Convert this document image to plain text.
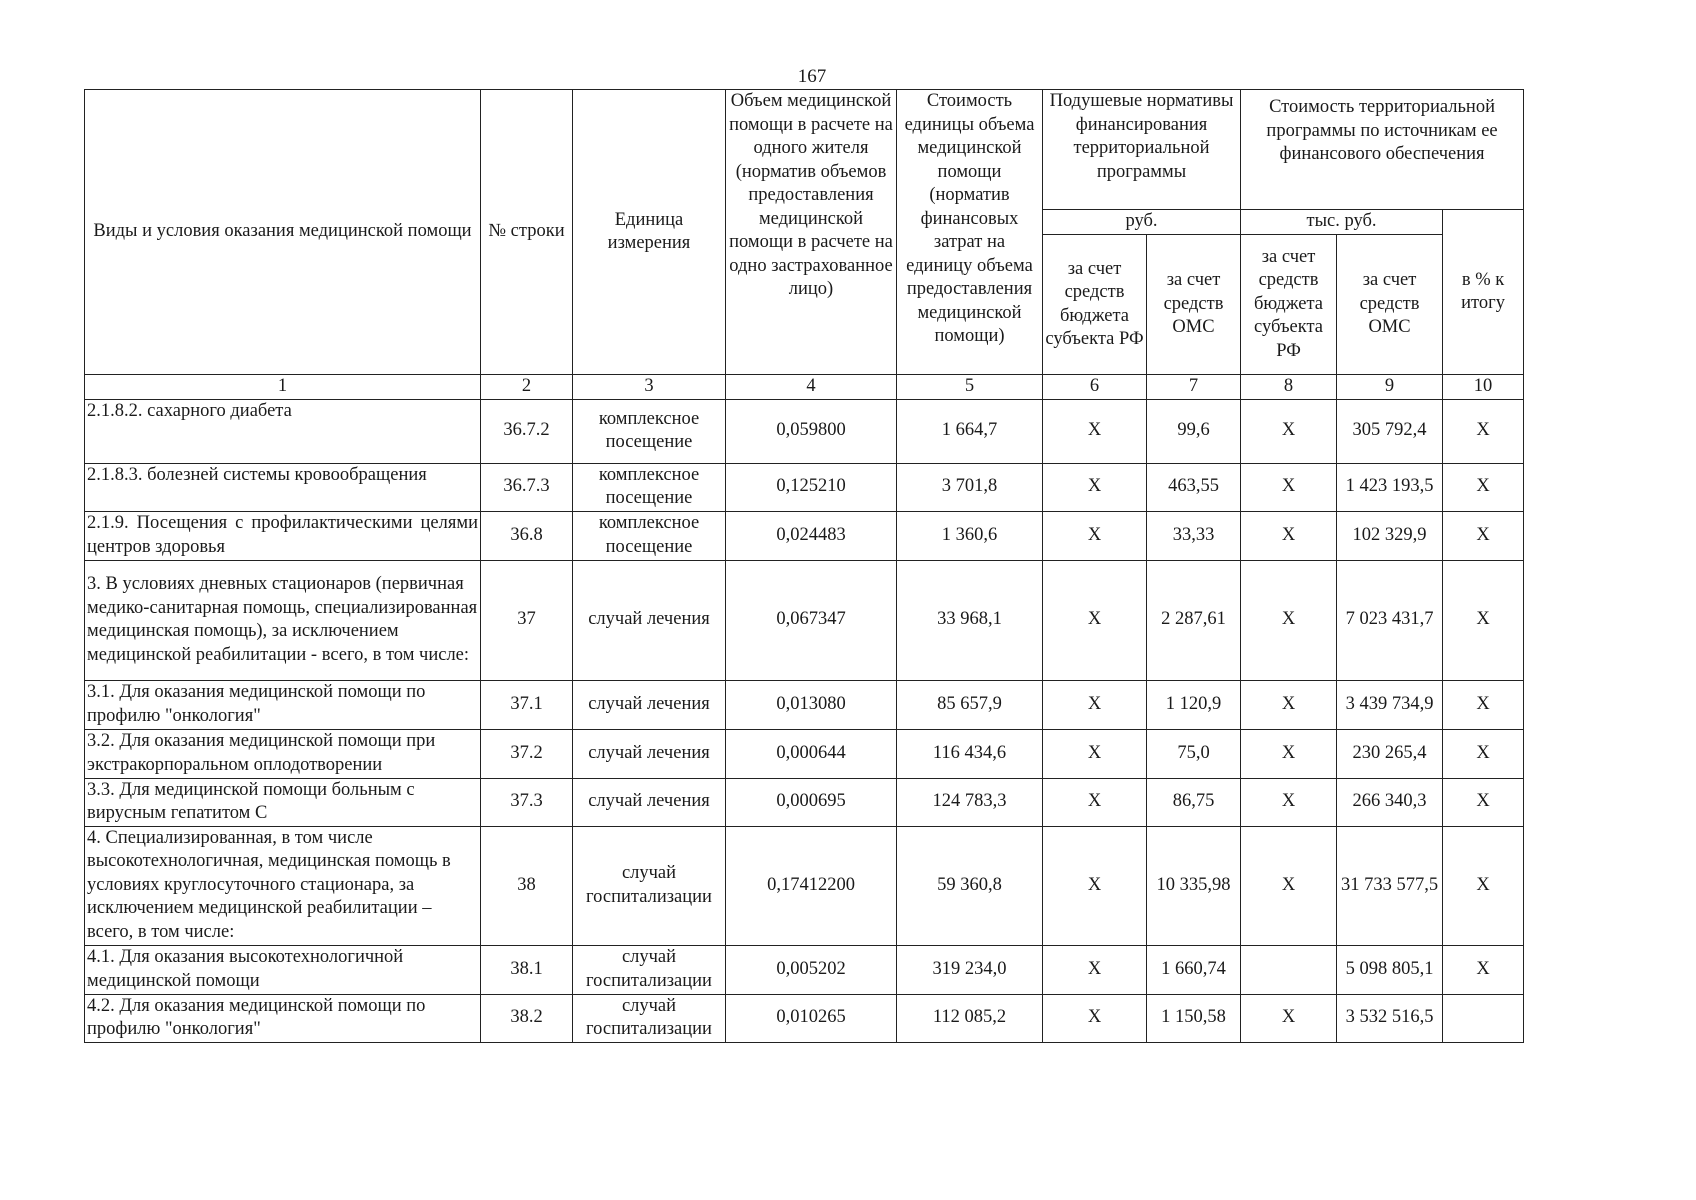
167
Виды и условия оказания медицинской помощи	№ строки	Единица измерения	Объем медицинской помощи в расчете на одного жителя (норматив объемов предоставления медицинской помощи в расчете на одно застрахованное лицо)	Стоимость единицы объема медицинской помощи (норматив финансовых затрат на единицу объема предоставления медицинской помощи)	Подушевые нормативы финансирования территориальной программы		Стоимость территориальной программы по источникам ее финансового обеспечения		
					руб.		тыс. руб.		в % к итогу
					за счет средств бюджета субъекта РФ	за счет средств ОМС	за счет средств бюджета субъекта РФ	за счет средств ОМС	
1	2	3	4	5	6	7	8	9	10
2.1.8.2. сахарного диабета	36.7.2	комплексное посещение	0,059800	1 664,7	Х	99,6	Х	305 792,4	Х
2.1.8.3. болезней системы кровообращения	36.7.3	комплексное посещение	0,125210	3 701,8	Х	463,55	Х	1 423 193,5	Х
2.1.9. Посещения с профилактическими целями центров здоровья	36.8	комплексное посещение	0,024483	1 360,6	Х	33,33	Х	102 329,9	Х
3. В условиях дневных стационаров (первичная медико-санитарная помощь, специализированная медицинская помощь), за исключением медицинской реабилитации - всего, в том числе:	37	случай лечения	0,067347	33 968,1	Х	2 287,61	Х	7 023 431,7	Х
3.1. Для оказания медицинской помощи по профилю "онкология"	37.1	случай лечения	0,013080	85 657,9	Х	1 120,9	Х	3 439 734,9	Х
3.2. Для оказания медицинской помощи при экстракорпоральном оплодотворении	37.2	случай лечения	0,000644	116 434,6	Х	75,0	Х	230 265,4	Х
3.3. Для медицинской помощи больным с вирусным гепатитом С	37.3	случай лечения	0,000695	124 783,3	Х	86,75	Х	266 340,3	Х
4. Специализированная, в том числе высокотехнологичная, медицинская помощь в условиях круглосуточного стационара, за исключением медицинской реабилитации – всего, в том числе:	38	случай госпитализации	0,17412200	59 360,8	Х	10 335,98	Х	31 733 577,5	Х
4.1. Для оказания высокотехнологичной медицинской помощи	38.1	случай госпитализации	0,005202	319 234,0	Х	1 660,74		5 098 805,1	Х
4.2. Для оказания медицинской помощи по профилю "онкология"	38.2	случай госпитализации	0,010265	112 085,2	Х	1 150,58	Х	3 532 516,5	
